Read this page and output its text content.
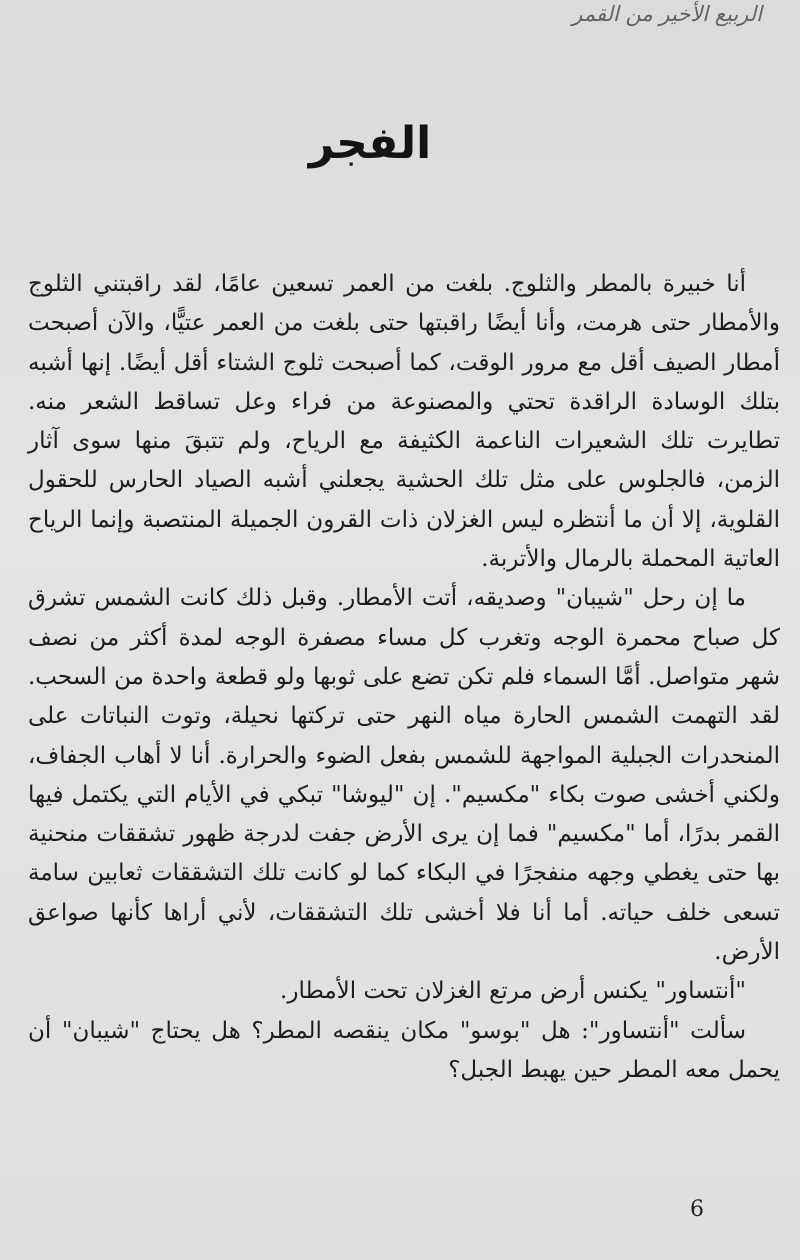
الربيع الأخير من القمر
الفجر

أنا خبيرة بالمطر والثلوج. بلغت من العمر تسعين عامًا، لقد راقبتني الثلوج والأمطار حتى هرمت، وأنا أيضًا راقبتها حتى بلغت من العمر عتيًّا، والآن أصبحت أمطار الصيف أقل مع مرور الوقت، كما أصبحت ثلوج الشتاء أقل أيضًا. إنها أشبه بتلك الوسادة الراقدة تحتي والمصنوعة من فراء وعل تساقط الشعر منه. تطايرت تلك الشعيرات الناعمة الكثيفة مع الرياح، ولم تتبقَ منها سوى آثار الزمن، فالجلوس على مثل تلك الحشية يجعلني أشبه الصياد الحارس للحقول القلوية، إلا أن ما أنتظره ليس الغزلان ذات القرون الجميلة المنتصبة وإنما الرياح العاتية المحملة بالرمال والأتربة.

ما إن رحل "شيبان" وصديقه، أتت الأمطار. وقبل ذلك كانت الشمس تشرق كل صباح محمرة الوجه وتغرب كل مساء مصفرة الوجه لمدة أكثر من نصف شهر متواصل. أمَّا السماء فلم تكن تضع على ثوبها ولو قطعة واحدة من السحب. لقد التهمت الشمس الحارة مياه النهر حتى تركتها نحيلة، وتوت النباتات على المنحدرات الجبلية المواجهة للشمس بفعل الضوء والحرارة. أنا لا أهاب الجفاف، ولكني أخشى صوت بكاء "مكسيم". إن "ليوشا" تبكي في الأيام التي يكتمل فيها القمر بدرًا، أما "مكسيم" فما إن يرى الأرض جفت لدرجة ظهور تشققات منحنية بها حتى يغطي وجهه منفجرًا في البكاء كما لو كانت تلك التشققات ثعابين سامة تسعى خلف حياته. أما أنا فلا أخشى تلك التشققات، لأني أراها كأنها صواعق الأرض.

"أنتساور" يكنس أرض مرتع الغزلان تحت الأمطار.

سألت "أنتساور": هل "بوسو" مكان ينقصه المطر؟ هل يحتاج "شيبان" أن يحمل معه المطر حين يهبط الجبل؟

6
